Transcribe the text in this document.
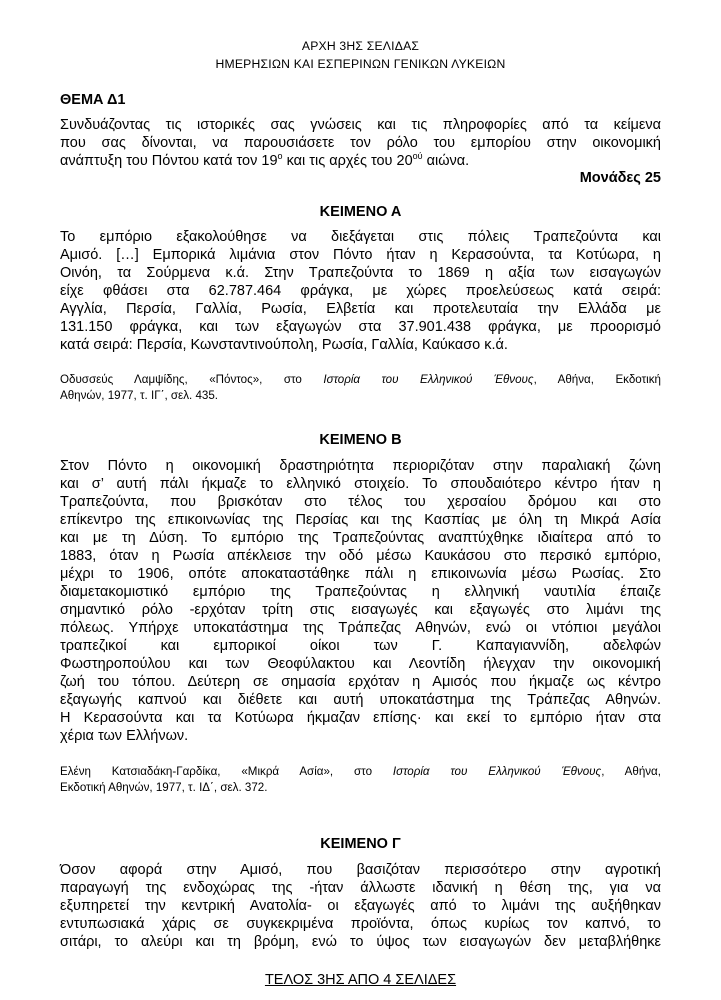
ΑΡΧΗ 3ΗΣ ΣΕΛΙΔΑΣ
ΗΜΕΡΗΣΙΩΝ ΚΑΙ ΕΣΠΕΡΙΝΩΝ ΓΕΝΙΚΩΝ ΛΥΚΕΙΩΝ
ΘΕΜΑ Δ1
Συνδυάζοντας τις ιστορικές σας γνώσεις και τις πληροφορίες από τα κείμενα
που σας δίνονται, να παρουσιάσετε τον ρόλο του εμπορίου στην οικονομική
ανάπτυξη του Πόντου κατά τον $19^o$ και τις αρχές του $20^{oύ}$ αιώνα.
Μονάδες 25
ΚΕΙΜΕΝΟ Α
Το εμπόριο εξακολούθησε να διεξάγεται στις πόλεις Τραπεζούντα και
Αμισό. […] Εμπορικά λιμάνια στον Πόντο ήταν η Κερασούντα, τα Κοτύωρα, η
Οινόη, τα Σούρμενα κ.ά. Στην Τραπεζούντα το 1869 η αξία των εισαγωγών
είχε φθάσει στα 62.787.464 φράγκα, με χώρες προελεύσεως κατά σειρά:
Αγγλία, Περσία, Γαλλία, Ρωσία, Ελβετία και προτελευταία την Ελλάδα με
131.150 φράγκα, και των εξαγωγών στα 37.901.438 φράγκα, με προορισμό
κατά σειρά: Περσία, Κωνσταντινούπολη, Ρωσία, Γαλλία, Καύκασο κ.ά.
Οδυσσεύς Λαμψίδης, «Πόντος», στο Ιστορία του Ελληνικού Έθνους, Αθήνα, Εκδοτική
Αθηνών, 1977, τ. ΙΓ΄, σελ. 435.
ΚΕΙΜΕΝΟ Β
Στον Πόντο η οικονομική δραστηριότητα περιοριζόταν στην παραλιακή ζώνη
και σ’ αυτή πάλι ήκμαζε το ελληνικό στοιχείο. Το σπουδαιότερο κέντρο ήταν η
Τραπεζούντα, που βρισκόταν στο τέλος του χερσαίου δρόμου και στο
επίκεντρο της επικοινωνίας της Περσίας και της Κασπίας με όλη τη Μικρά Ασία
και με τη Δύση. Το εμπόριο της Τραπεζούντας αναπτύχθηκε ιδιαίτερα από το
1883, όταν η Ρωσία απέκλεισε την οδό μέσω Καυκάσου στο περσικό εμπόριο,
μέχρι το 1906, οπότε αποκαταστάθηκε πάλι η επικοινωνία μέσω Ρωσίας. Στο
διαμετακομιστικό εμπόριο της Τραπεζούντας η ελληνική ναυτιλία έπαιζε
σημαντικό ρόλο -ερχόταν τρίτη στις εισαγωγές και εξαγωγές στο λιμάνι της
πόλεως. Υπήρχε υποκατάστημα της Τράπεζας Αθηνών, ενώ οι ντόπιοι μεγάλοι
τραπεζικοί και εμπορικοί οίκοι των Γ. Καπαγιαννίδη, αδελφών
Φωστηροπούλου και των Θεοφύλακτου και Λεοντίδη ήλεγχαν την οικονομική
ζωή του τόπου. Δεύτερη σε σημασία ερχόταν η Αμισός που ήκμαζε ως κέντρο
εξαγωγής καπνού και διέθετε και αυτή υποκατάστημα της Τράπεζας Αθηνών.
Η Κερασούντα και τα Κοτύωρα ήκμαζαν επίσης· και εκεί το εμπόριο ήταν στα
χέρια των Ελλήνων.
Ελένη Κατσιαδάκη-Γαρδίκα, «Μικρά Ασία», στο Ιστορία του Ελληνικού Έθνους, Αθήνα,
Εκδοτική Αθηνών, 1977, τ. ΙΔ΄, σελ. 372.
ΚΕΙΜΕΝΟ Γ
Όσον αφορά στην Αμισό, που βασιζόταν περισσότερο στην αγροτική
παραγωγή της ενδοχώρας της -ήταν άλλωστε ιδανική η θέση της, για να
εξυπηρετεί την κεντρική Ανατολία- οι εξαγωγές από το λιμάνι της αυξήθηκαν
εντυπωσιακά χάρις σε συγκεκριμένα προϊόντα, όπως κυρίως τον καπνό, το
σιτάρι, το αλεύρι και τη βρόμη, ενώ το ύψος των εισαγωγών δεν μεταβλήθηκε
ΤΕΛΟΣ 3ΗΣ ΑΠΟ 4 ΣΕΛΙΔΕΣ
